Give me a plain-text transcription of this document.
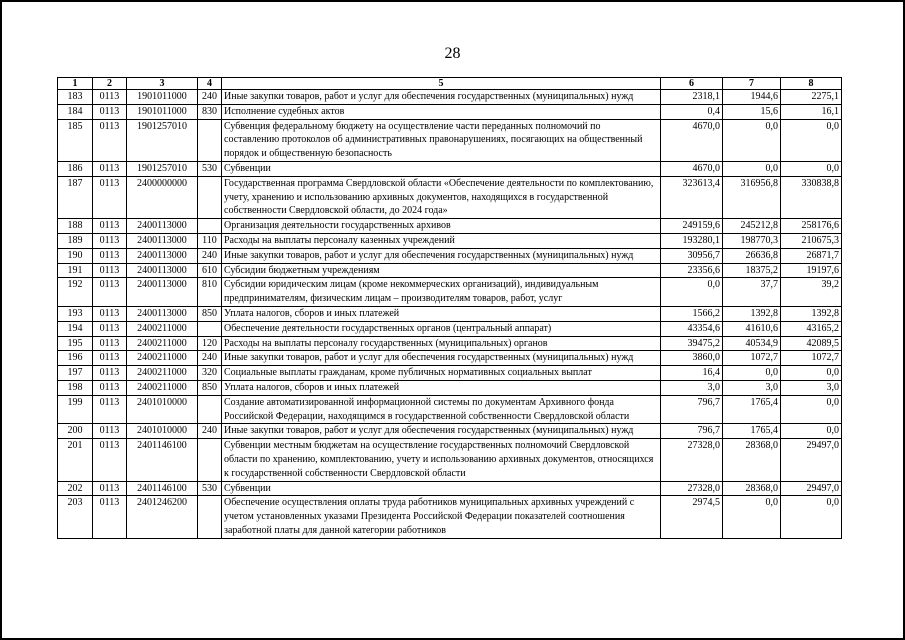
28
1	2	3	4	5	6	7	8
183	0113	1901011000	240	Иные закупки товаров, работ и услуг для обеспечения государственных (муниципальных) нужд	2318,1	1944,6	2275,1
184	0113	1901011000	830	Исполнение судебных актов	0,4	15,6	16,1
185	0113	1901257010		Субвенция федеральному бюджету на осуществление части переданных полномочий по составлению протоколов об административных правонарушениях, посягающих на общественный порядок и общественную безопасность	4670,0	0,0	0,0
186	0113	1901257010	530	Субвенции	4670,0	0,0	0,0
187	0113	2400000000		Государственная программа Свердловской области «Обеспечение деятельности по комплектованию, учету, хранению и использованию архивных документов, находящихся в государственной собственности Свердловской области, до 2024 года»	323613,4	316956,8	330838,8
188	0113	2400113000		Организация деятельности государственных архивов	249159,6	245212,8	258176,6
189	0113	2400113000	110	Расходы на выплаты персоналу казенных учреждений	193280,1	198770,3	210675,3
190	0113	2400113000	240	Иные закупки товаров, работ и услуг для обеспечения государственных (муниципальных) нужд	30956,7	26636,8	26871,7
191	0113	2400113000	610	Субсидии бюджетным учреждениям	23356,6	18375,2	19197,6
192	0113	2400113000	810	Субсидии юридическим лицам (кроме некоммерческих организаций), индивидуальным предпринимателям, физическим лицам – производителям товаров, работ, услуг	0,0	37,7	39,2
193	0113	2400113000	850	Уплата налогов, сборов и иных платежей	1566,2	1392,8	1392,8
194	0113	2400211000		Обеспечение деятельности государственных органов (центральный аппарат)	43354,6	41610,6	43165,2
195	0113	2400211000	120	Расходы на выплаты персоналу государственных (муниципальных) органов	39475,2	40534,9	42089,5
196	0113	2400211000	240	Иные закупки товаров, работ и услуг для обеспечения государственных (муниципальных) нужд	3860,0	1072,7	1072,7
197	0113	2400211000	320	Социальные выплаты гражданам, кроме публичных нормативных социальных выплат	16,4	0,0	0,0
198	0113	2400211000	850	Уплата налогов, сборов и иных платежей	3,0	3,0	3,0
199	0113	2401010000		Создание автоматизированной информационной системы по документам Архивного фонда Российской Федерации, находящимся в государственной собственности Свердловской области	796,7	1765,4	0,0
200	0113	2401010000	240	Иные закупки товаров, работ и услуг для обеспечения государственных (муниципальных) нужд	796,7	1765,4	0,0
201	0113	2401146100		Субвенции местным бюджетам на осуществление государственных полномочий Свердловской области по хранению, комплектованию, учету и использованию архивных документов, относящихся к государственной собственности Свердловской области	27328,0	28368,0	29497,0
202	0113	2401146100	530	Субвенции	27328,0	28368,0	29497,0
203	0113	2401246200		Обеспечение осуществления оплаты труда работников муниципальных архивных учреждений с учетом установленных указами Президента Российской Федерации показателей соотношения заработной платы для данной категории работников	2974,5	0,0	0,0
